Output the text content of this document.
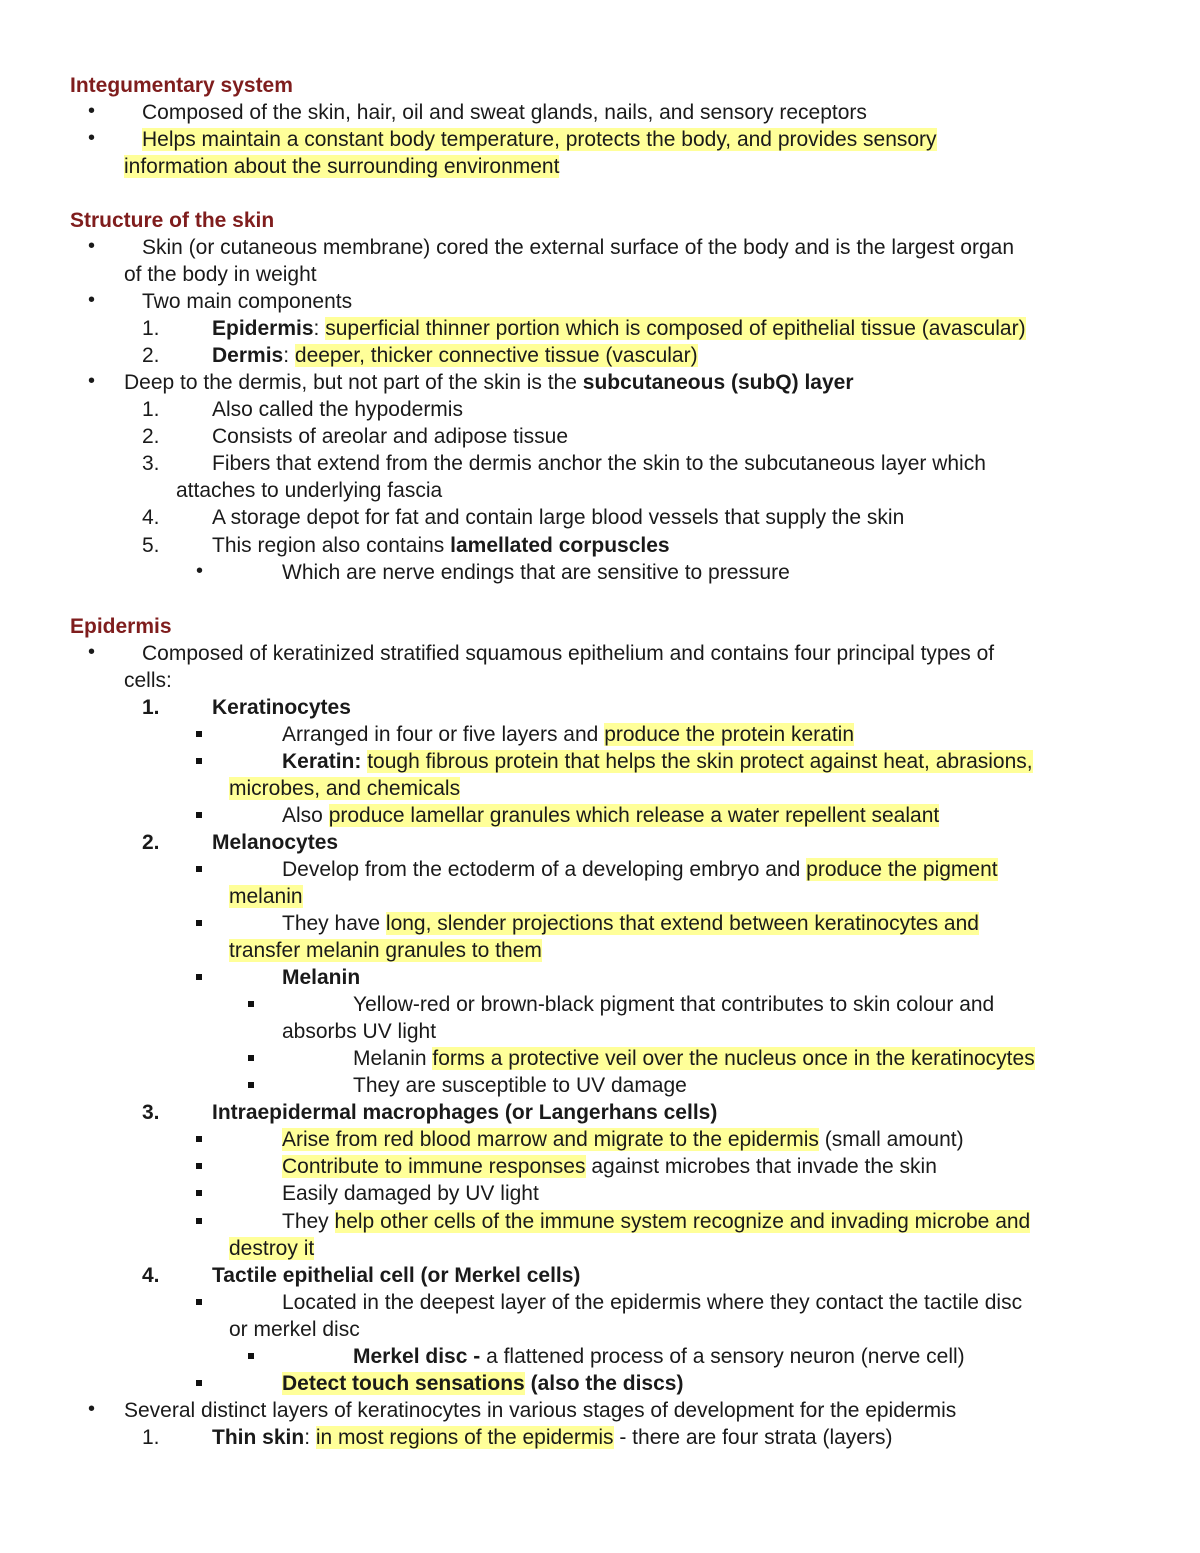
Integumentary system
• Composed of the skin, hair, oil and sweat glands, nails, and sensory receptors
• Helps maintain a constant body temperature, protects the body, and provides sensory
information about the surrounding environment
Structure of the skin
• Skin (or cutaneous membrane) cored the external surface of the body and is the largest organ
of the body in weight
• Two main components
1. Epidermis: superficial thinner portion which is composed of epithelial tissue (avascular)
2. Dermis: deeper, thicker connective tissue (vascular)
• Deep to the dermis, but not part of the skin is the subcutaneous (subQ) layer
1. Also called the hypodermis
2. Consists of areolar and adipose tissue
3. Fibers that extend from the dermis anchor the skin to the subcutaneous layer which
attaches to underlying fascia
4. A storage depot for fat and contain large blood vessels that supply the skin
5. This region also contains lamellated corpuscles
•	Which are nerve endings that are sensitive to pressure
Epidermis
• Composed of keratinized stratified squamous epithelium and contains four principal types of
cells:
1. Keratinocytes
Arranged in four or five layers and produce the protein keratin
Keratin: tough fibrous protein that helps the skin protect against heat, abrasions,
microbes, and chemicals
Also produce lamellar granules which release a water repellent sealant
2. Melanocytes
Develop from the ectoderm of a developing embryo and produce the pigment
melanin
They have long, slender projections that extend between keratinocytes and
transfer melanin granules to them
Melanin
Yellow-red or brown-black pigment that contributes to skin colour and
absorbs UV light
Melanin forms a protective veil over the nucleus once in the keratinocytes
They are susceptible to UV damage
3. Intraepidermal macrophages (or Langerhans cells)
Arise from red blood marrow and migrate to the epidermis (small amount)
Contribute to immune responses against microbes that invade the skin
Easily damaged by UV light
They help other cells of the immune system recognize and invading microbe and
destroy it
4. Tactile epithelial cell (or Merkel cells)
Located in the deepest layer of the epidermis where they contact the tactile disc
or merkel disc
Merkel disc - a flattened process of a sensory neuron (nerve cell)
Detect touch sensations (also the discs)
• Several distinct layers of keratinocytes in various stages of development for the epidermis
1. Thin skin: in most regions of the epidermis - there are four strata (layers)
